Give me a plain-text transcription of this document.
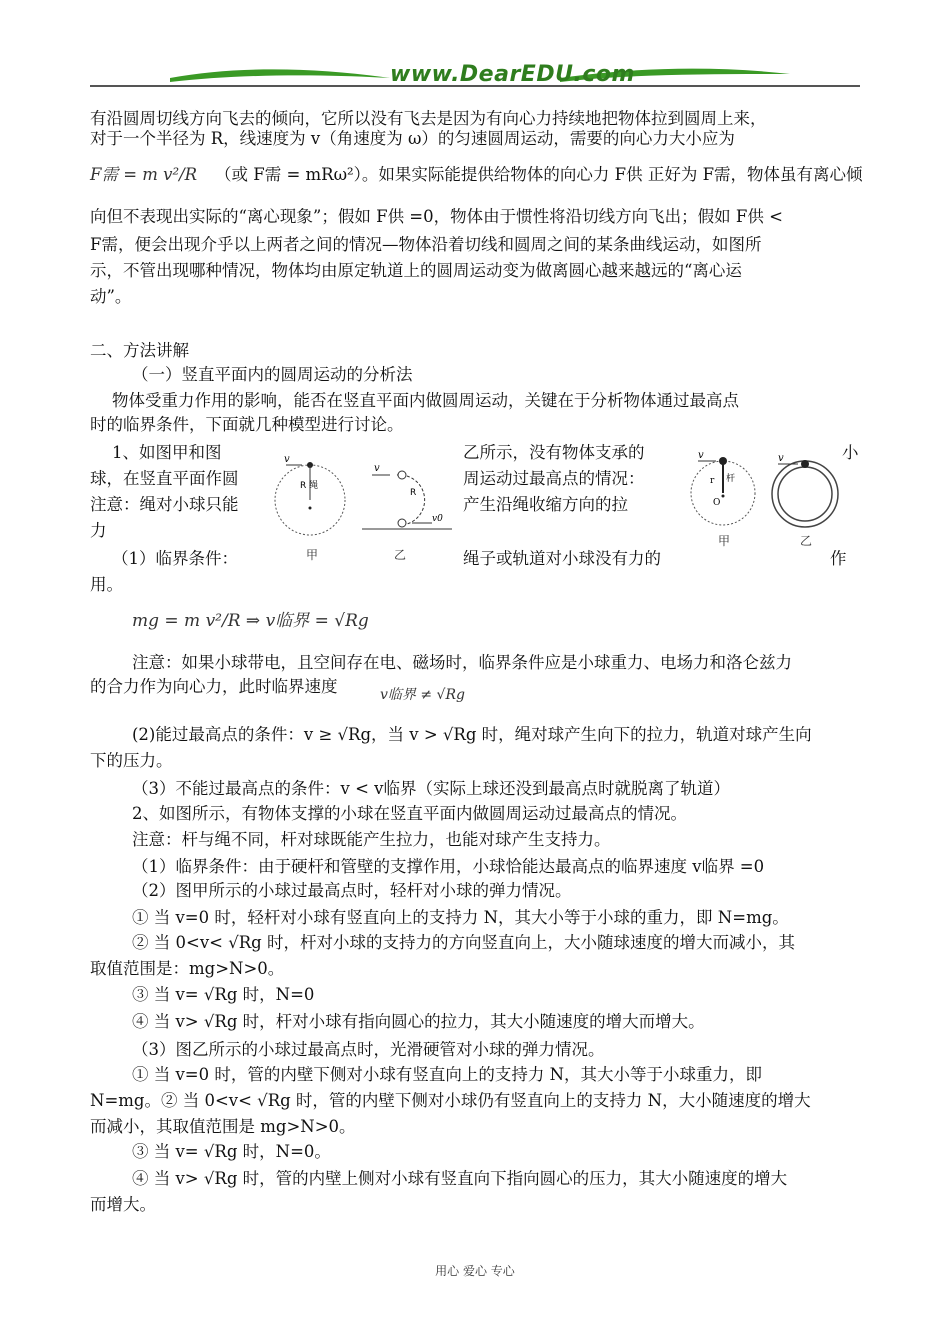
www.DearEDU.com
有沿圆周切线方向飞去的倾向，它所以没有飞去是因为有向心力持续地把物体拉到圆周上来，
对于一个半径为 R，线速度为 v（角速度为 ω）的匀速圆周运动，需要的向心力大小应为
F需 = m v²/R （或 F需 = mRω²）。如果实际能提供给物体的向心力 F供 正好为 F需，物体虽有离心倾
向但不表现出实际的“离心现象”；假如 F供 =0，物体由于惯性将沿切线方向飞出；假如 F供 <
F需，便会出现介乎以上两者之间的情况—物体沿着切线和圆周之间的某条曲线运动，如图所
示，不管出现哪种情况，物体均由原定轨道上的圆周运动变为做离圆心越来越远的“离心运
动”。
二、方法讲解
（一）竖直平面内的圆周运动的分析法
物体受重力作用的影响，能否在竖直平面内做圆周运动，关键在于分析物体通过最高点
时的临界条件，下面就几种模型进行讨论。
1、如图甲和图	乙所示，没有物体支承的	小
球，在竖直平面作圆	周运动过最高点的情况：
注意：绳对小球只能	产生沿绳收缩方向的拉
力
（1）临界条件：	绳子或轨道对小球没有力的	作
用。
v
R 绳
甲
v
R
v0
乙
v
r 杆
O
甲
v
乙
mg = m v²/R ⇒ v临界 = √Rg
注意：如果小球带电，且空间存在电、磁场时，临界条件应是小球重力、电场力和洛仑兹力
的合力作为向心力，此时临界速度	v临界 ≠ √Rg
(2)能过最高点的条件：v ≥ √Rg，当 v > √Rg 时，绳对球产生向下的拉力，轨道对球产生向
下的压力。
（3）不能过最高点的条件：v < v临界（实际上球还没到最高点时就脱离了轨道）
2、如图所示，有物体支撑的小球在竖直平面内做圆周运动过最高点的情况。
注意：杆与绳不同，杆对球既能产生拉力，也能对球产生支持力。
（1）临界条件：由于硬杆和管壁的支撑作用，小球恰能达最高点的临界速度 v临界 =0
（2）图甲所示的小球过最高点时，轻杆对小球的弹力情况。
① 当 v=0 时，轻杆对小球有竖直向上的支持力 N，其大小等于小球的重力，即 N=mg。
② 当 0<v< √Rg 时，杆对小球的支持力的方向竖直向上，大小随球速度的增大而减小，其
取值范围是：mg>N>0。
③ 当 v= √Rg 时，N=0
④ 当 v> √Rg 时，杆对小球有指向圆心的拉力，其大小随速度的增大而增大。
（3）图乙所示的小球过最高点时，光滑硬管对小球的弹力情况。
① 当 v=0 时，管的内壁下侧对小球有竖直向上的支持力 N，其大小等于小球重力，即
N=mg。② 当 0<v< √Rg 时，管的内壁下侧对小球仍有竖直向上的支持力 N，大小随速度的增大
而减小，其取值范围是 mg>N>0。
③ 当 v= √Rg 时，N=0。
④ 当 v> √Rg 时，管的内壁上侧对小球有竖直向下指向圆心的压力，其大小随速度的增大
而增大。
用心 爱心 专心
